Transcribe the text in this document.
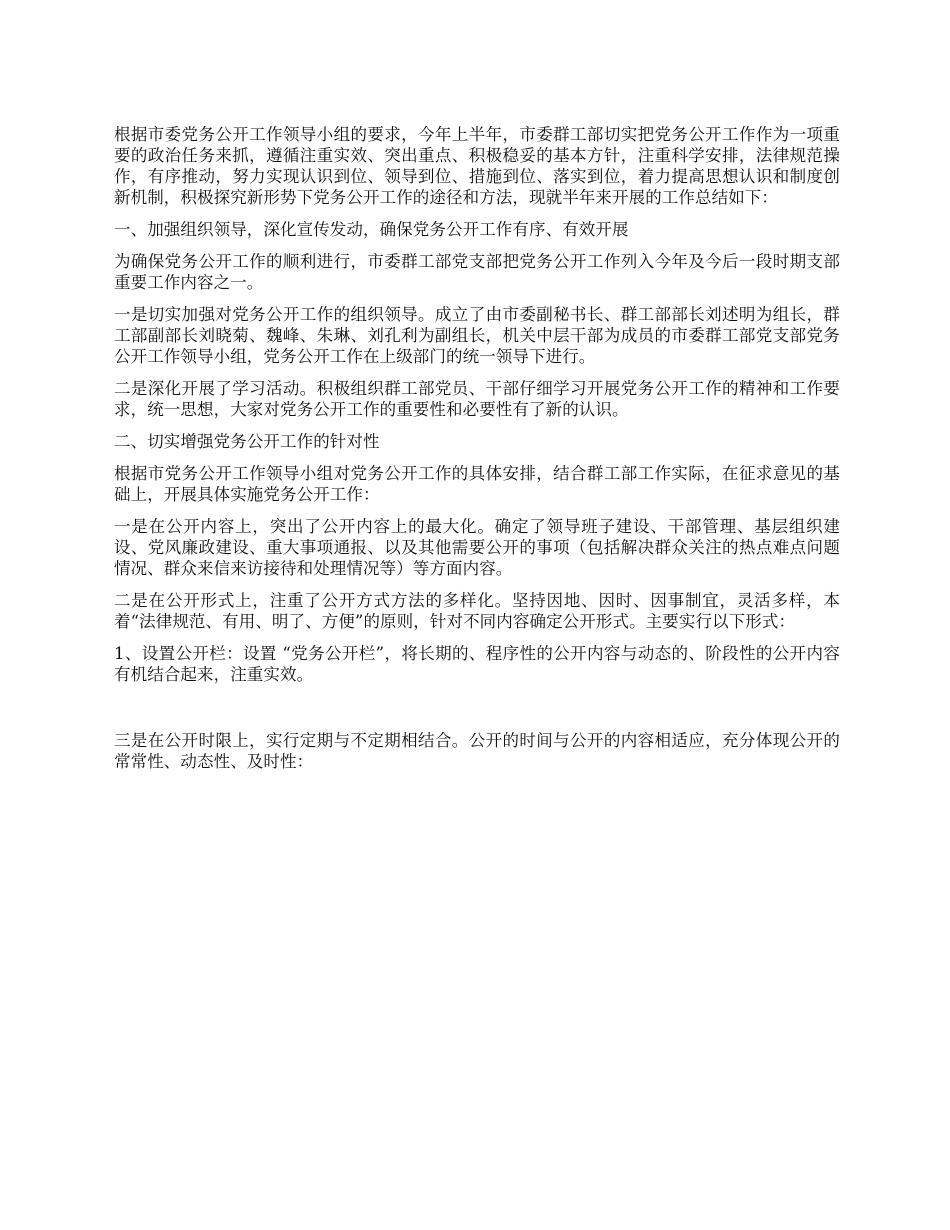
根据市委党务公开工作领导小组的要求，今年上半年，市委群工部切实把党务公开工作作为一项重要的政治任务来抓，遵循注重实效、突出重点、积极稳妥的基本方针，注重科学安排，法律规范操作，有序推动，努力实现认识到位、领导到位、措施到位、落实到位，着力提高思想认识和制度创新机制，积极探究新形势下党务公开工作的途径和方法，现就半年来开展的工作总结如下：

一、加强组织领导，深化宣传发动，确保党务公开工作有序、有效开展

为确保党务公开工作的顺利进行，市委群工部党支部把党务公开工作列入今年及今后一段时期支部重要工作内容之一。

一是切实加强对党务公开工作的组织领导。成立了由市委副秘书长、群工部部长刘述明为组长，群工部副部长刘晓菊、魏峰、朱琳、刘孔利为副组长，机关中层干部为成员的市委群工部党支部党务公开工作领导小组，党务公开工作在上级部门的统一领导下进行。

二是深化开展了学习活动。积极组织群工部党员、干部仔细学习开展党务公开工作的精神和工作要求，统一思想，大家对党务公开工作的重要性和必要性有了新的认识。

二、切实增强党务公开工作的针对性

根据市党务公开工作领导小组对党务公开工作的具体安排，结合群工部工作实际，在征求意见的基础上，开展具体实施党务公开工作：

一是在公开内容上，突出了公开内容上的最大化。确定了领导班子建设、干部管理、基层组织建设、党风廉政建设、重大事项通报、以及其他需要公开的事项（包括解决群众关注的热点难点问题情况、群众来信来访接待和处理情况等）等方面内容。

二是在公开形式上，注重了公开方式方法的多样化。坚持因地、因时、因事制宜，灵活多样，本着“法律规范、有用、明了、方便”的原则，针对不同内容确定公开形式。主要实行以下形式：

1、设置公开栏：设置 “党务公开栏”，将长期的、程序性的公开内容与动态的、阶段性的公开内容有机结合起来，注重实效。

三是在公开时限上，实行定期与不定期相结合。公开的时间与公开的内容相适应，充分体现公开的常常性、动态性、及时性：
